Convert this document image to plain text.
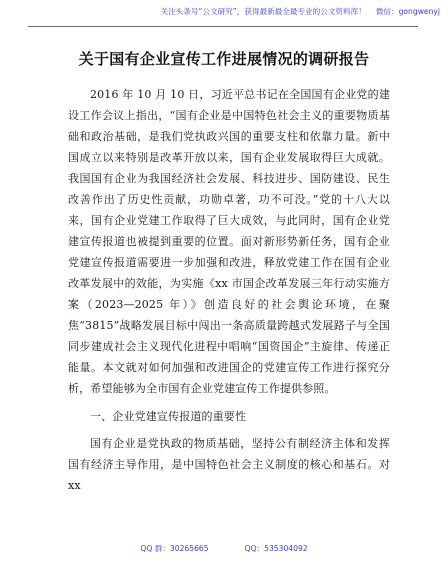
关注头条号“公文研究”，获得最新最全最专业的公文资料库！ 微信：gongwenyj
关于国有企业宣传工作进展情况的调研报告

2016 年 10 月 10 日，习近平总书记在全国国有企业党的建设工作会议上指出，“国有企业是中国特色社会主义的重要物质基础和政治基础，是我们党执政兴国的重要支柱和依靠力量。新中国成立以来特别是改革开放以来，国有企业发展取得巨大成就。我国国有企业为我国经济社会发展、科技进步、国防建设、民生改善作出了历史性贡献，功勋卓著，功不可没。”党的十八大以来，国有企业党建工作取得了巨大成效，与此同时，国有企业党建宣传报道也被提到重要的位置。面对新形势新任务，国有企业党建宣传报道需要进一步加强和改进，释放党建工作在国有企业改革发展中的效能，为实施《xx 市国企改革发展三年行动实施方案（2023—2025 年）》创造良好的社会舆论环境，在聚焦“3815”战略发展目标中闯出一条高质量跨越式发展路子与全国同步建成社会主义现代化进程中唱响“国资国企”主旋律、传递正能量。本文就对如何加强和改进国企的党建宣传工作进行探究分析，希望能够为全市国有企业党建宣传工作提供参照。

一、企业党建宣传报道的重要性

国有企业是党执政的物质基础，坚持公有制经济主体和发挥国有经济主导作用，是中国特色社会主义制度的核心和基石。对 xx

QQ 群：30265665	QQ：535304092
